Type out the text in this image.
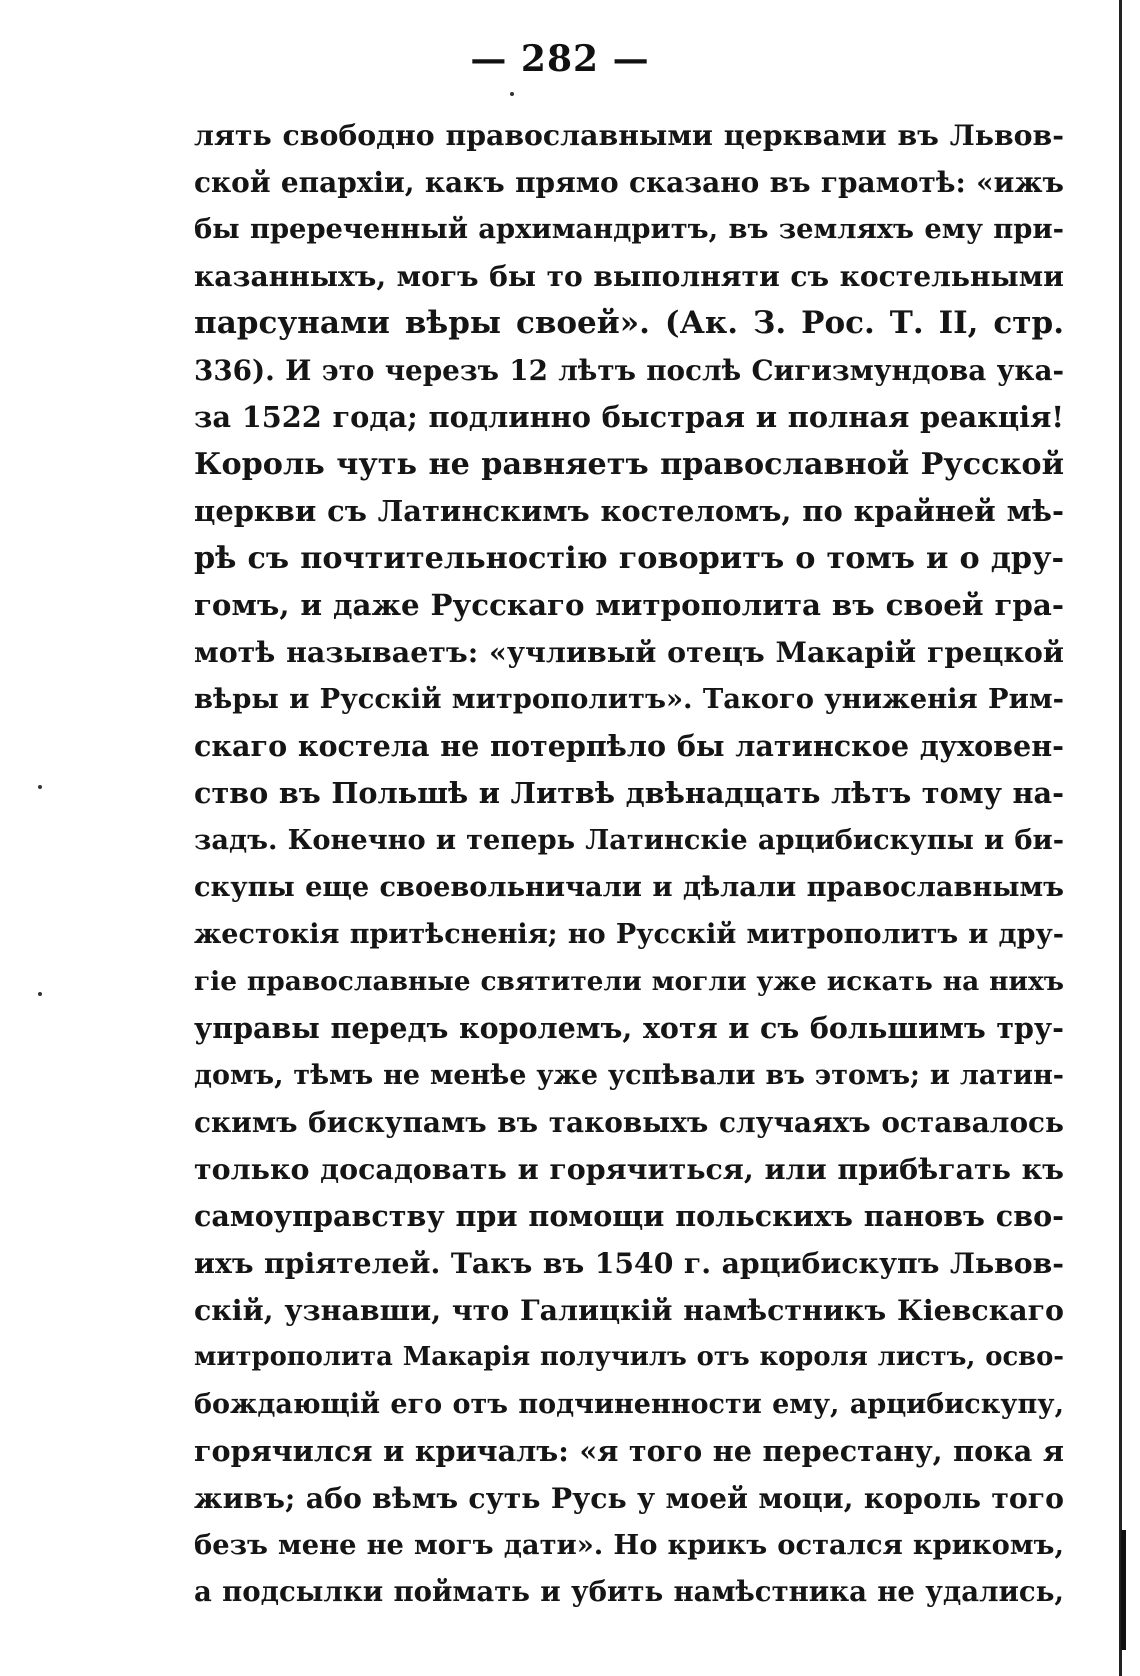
— 282 —
лять свободно православными церквами въ Львов-
ской епархіи, какъ прямо сказано въ грамотѣ: «ижъ
бы пререченный архимандритъ, въ земляхъ ему при-
казанныхъ, могъ бы то выполняти съ костельными
парсунами вѣры своей». (Ак. З. Рос. Т. II, стр.
336). И это черезъ 12 лѣтъ послѣ Сигизмундова ука-
за 1522 года; подлинно быстрая и полная реакція!
Король чуть не равняетъ православной Русской
церкви съ Латинскимъ костеломъ, по крайней мѣ-
рѣ съ почтительностію говоритъ о томъ и о дру-
гомъ, и даже Русскаго митрополита въ своей гра-
мотѣ называетъ: «учливый отецъ Макарій грецкой
вѣры и Русскій митрополитъ». Такого униженія Рим-
скаго костела не потерпѣло бы латинское духовен-
ство въ Польшѣ и Литвѣ двѣнадцать лѣтъ тому на-
задъ. Конечно и теперь Латинскіе арцибискупы и би-
скупы еще своевольничали и дѣлали православнымъ
жестокія притѣсненія; но Русскій митрополитъ и дру-
гіе православные святители могли уже искать на нихъ
управы передъ королемъ, хотя и съ большимъ тру-
домъ, тѣмъ не менѣе уже успѣвали въ этомъ; и латин-
скимъ бискупамъ въ таковыхъ случаяхъ оставалось
только досадовать и горячиться, или прибѣгать къ
самоуправству при помощи польскихъ пановъ сво-
ихъ пріятелей. Такъ въ 1540 г. арцибискупъ Львов-
скій, узнавши, что Галицкій намѣстникъ Кіевскаго
митрополита Макарія получилъ отъ короля листъ, осво-
бождающій его отъ подчиненности ему, арцибискупу,
горячился и кричалъ: «я того не перестану, пока я
живъ; або вѣмъ суть Русь у моей моци, король того
безъ мене не могъ дати». Но крикъ остался крикомъ,
а подсылки поймать и убить намѣстника не удались,
